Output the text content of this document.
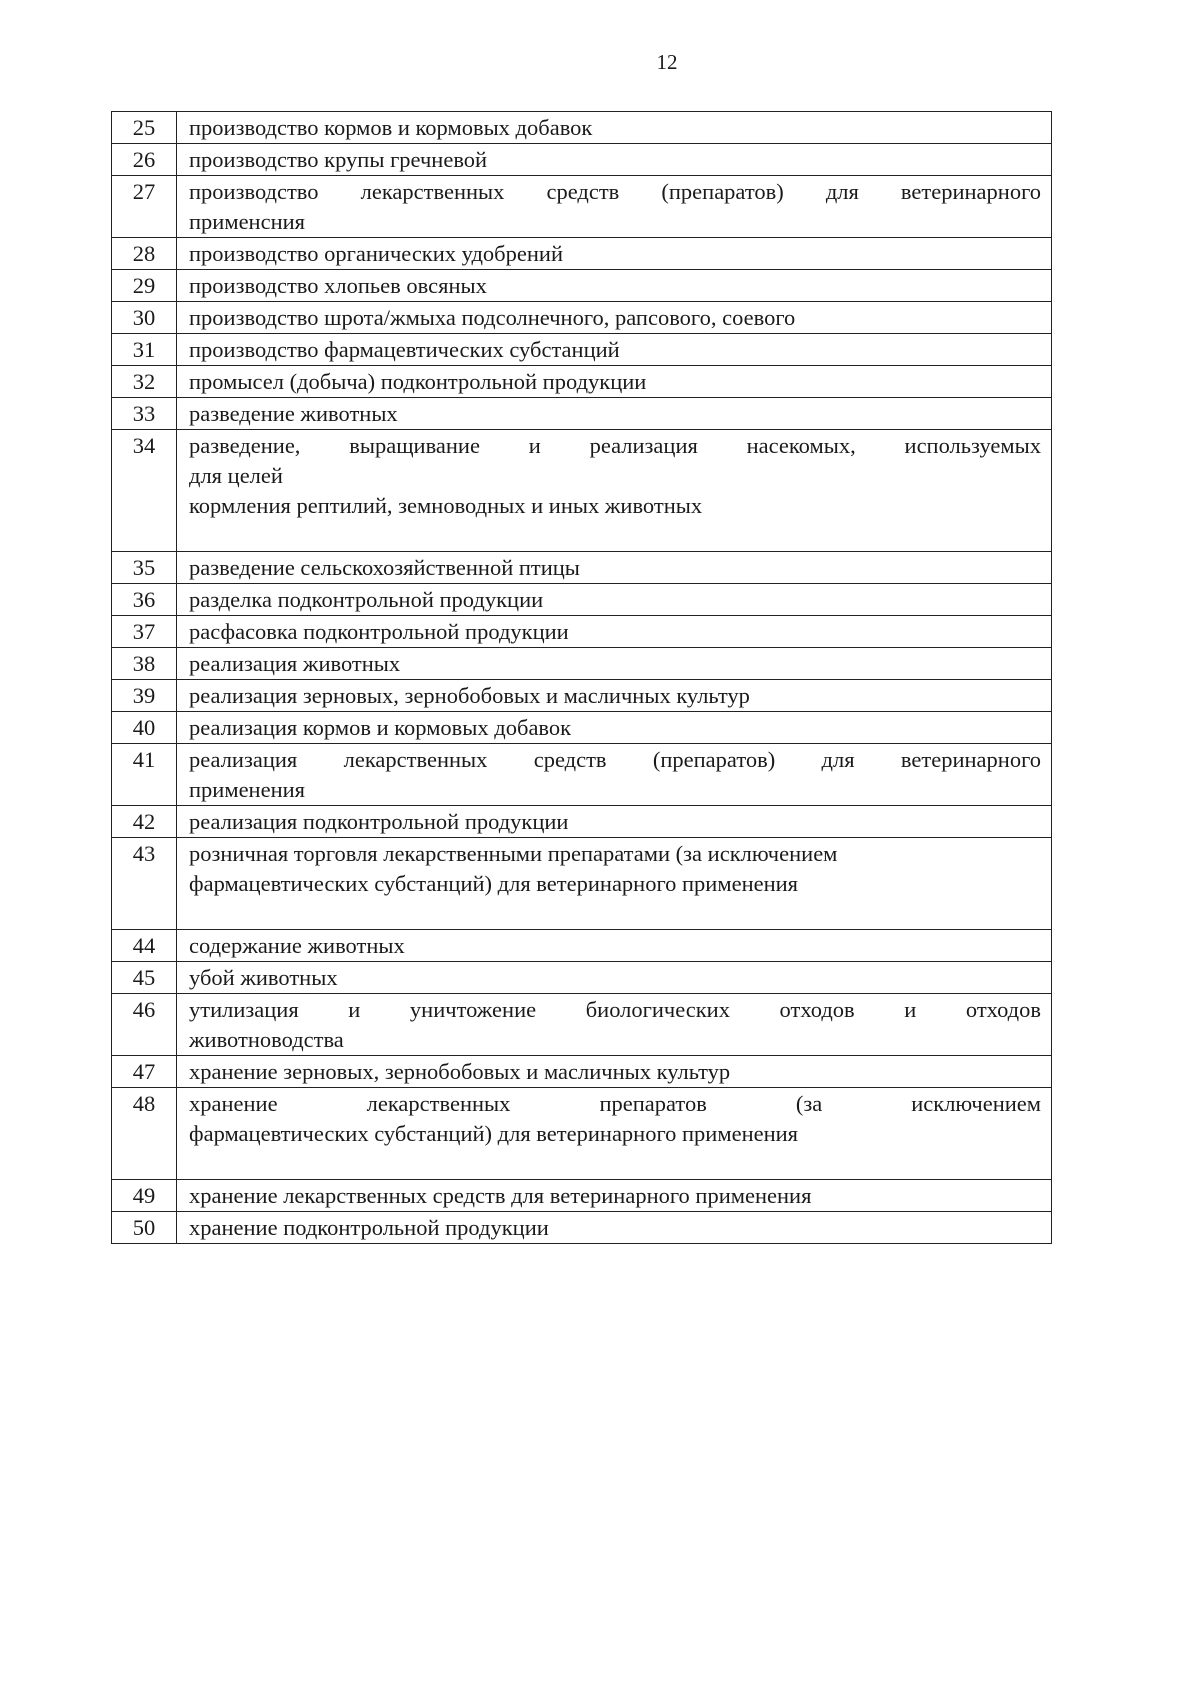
12
25	производство кормов и кормовых добавок

26	производство крупы гречневой

27	производство лекарственных средств (препаратов) для ветеринарного
применсния

28	производство органических удобрений

29	производство хлопьев овсяных

30	производство шрота/жмыха подсолнечного, рапсового, соевого

31	производство фармацевтических субстанций

32	промысел (добыча) подконтрольной продукции

33	разведение животных

34	разведение, выращивание и реализация насекомых, используемых
для целей
кормления рептилий, земноводных и иных животных

35	разведение сельскохозяйственной птицы

36	разделка подконтрольной продукции

37	расфасовка подконтрольной продукции

38	реализация животных

39	реализация зерновых, зернобобовых и масличных культур

40	реализация кормов и кормовых добавок

41	реализация лекарственных средств (препаратов) для ветеринарного
применения

42	реализация подконтрольной продукции

43	розничная торговля лекарственными препаратами (за исключением
фармацевтических субстанций) для ветеринарного применения

44	содержание животных

45	убой животных

46	утилизация и уничтожение биологических отходов и отходов
животноводства

47	хранение зерновых, зернобобовых и масличных культур

48	хранение лекарственных препаратов (за исключением
фармацевтических субстанций) для ветеринарного применения

49	хранение лекарственных средств для ветеринарного применения

50	хранение подконтрольной продукции
